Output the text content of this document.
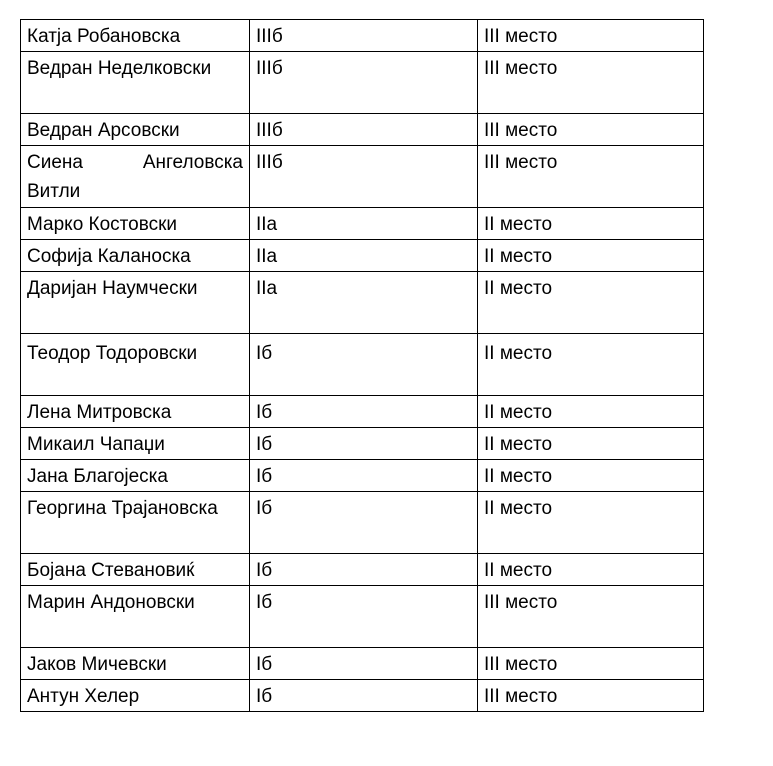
Катја Робановска	IIIб	III место
Ведран Неделковски	IIIб	III место
Ведран Арсовски	IIIб	III место
Сиена Ангеловска Витли	IIIб	III место
Марко Костовски	IIa	II место
Софија Каланоска	IIa	II место
Даријан Наумчески	IIa	II место
Теодор Тодоровски	Iб	II место
Лена Митровска	Iб	II место
Микаил Чапаџи	Iб	II место
Јана Благојеска	Iб	II место
Георгина Трајановска	Iб	II место
Бојана Стевановиќ	Iб	II место
Марин Андоновски	Iб	III место
Јаков Мичевски	Iб	III место
Антун Хелер	Iб	III место
